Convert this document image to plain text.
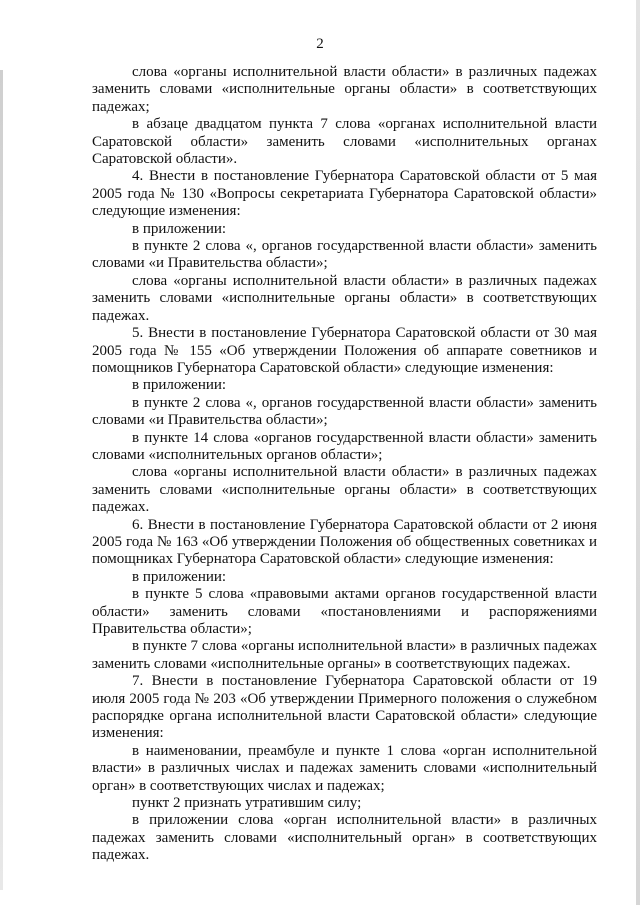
2

слова «органы исполнительной власти области» в различных падежах заменить словами «исполнительные органы области» в соответствующих падежах;

в абзаце двадцатом пункта 7 слова «органах исполнительной власти Саратовской области» заменить словами «исполнительных органах Саратовской области».

4. Внести в постановление Губернатора Саратовской области от 5 мая 2005 года № 130 «Вопросы секретариата Губернатора Саратовской области» следующие изменения:

в приложении:

в пункте 2 слова «, органов государственной власти области» заменить словами «и Правительства области»;

слова «органы исполнительной власти области» в различных падежах заменить словами «исполнительные органы области» в соответствующих падежах.

5. Внести в постановление Губернатора Саратовской области от 30 мая 2005 года № 155 «Об утверждении Положения об аппарате советников и помощников Губернатора Саратовской области» следующие изменения:

в приложении:

в пункте 2 слова «, органов государственной власти области» заменить словами «и Правительства области»;

в пункте 14 слова «органов государственной власти области» заменить словами «исполнительных органов области»;

слова «органы исполнительной власти области» в различных падежах заменить словами «исполнительные органы области» в соответствующих падежах.

6. Внести в постановление Губернатора Саратовской области от 2 июня 2005 года № 163 «Об утверждении Положения об общественных советниках и помощниках Губернатора Саратовской области» следующие изменения:

в приложении:

в пункте 5 слова «правовыми актами органов государственной власти области» заменить словами «постановлениями и распоряжениями Правительства области»;

в пункте 7 слова «органы исполнительной власти» в различных падежах заменить словами «исполнительные органы» в соответствующих падежах.

7. Внести в постановление Губернатора Саратовской области от 19 июля 2005 года № 203 «Об утверждении Примерного положения о служебном распорядке органа исполнительной власти Саратовской области» следующие изменения:

в наименовании, преамбуле и пункте 1 слова «орган исполнительной власти» в различных числах и падежах заменить словами «исполнительный орган» в соответствующих числах и падежах;

пункт 2 признать утратившим силу;

в приложении слова «орган исполнительной власти» в различных падежах заменить словами «исполнительный орган» в соответствующих падежах.
